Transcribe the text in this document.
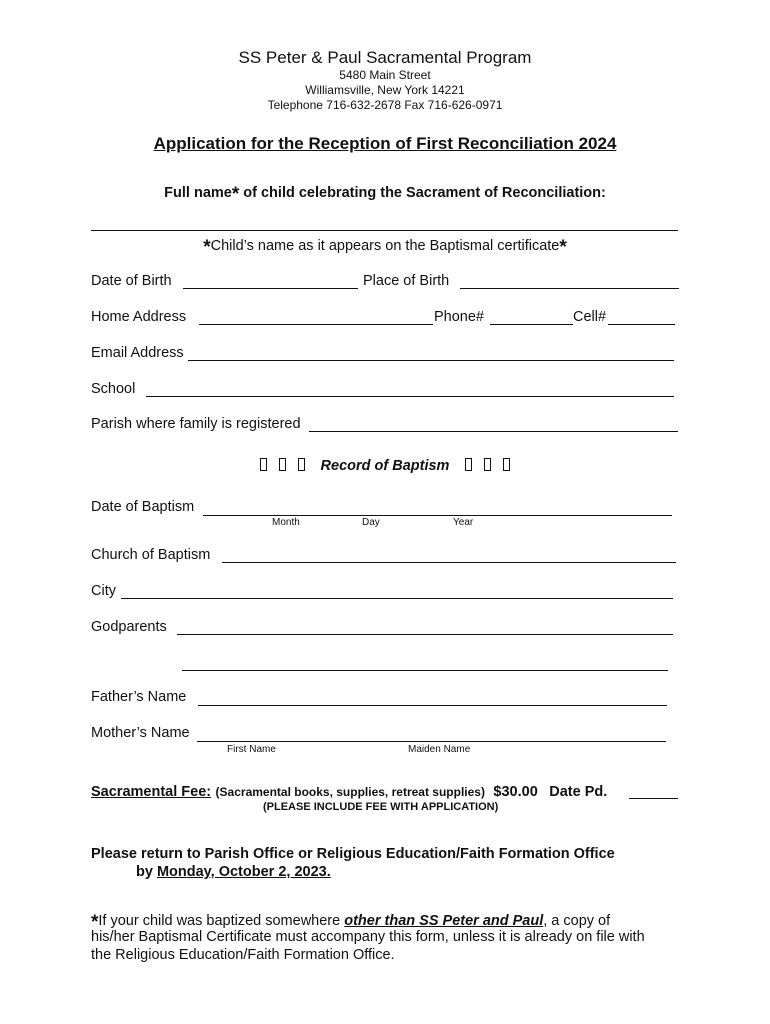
SS Peter & Paul Sacramental Program
5480 Main Street
Williamsville, New York 14221
Telephone 716-632-2678 Fax 716-626-0971
Application for the Reception of First Reconciliation 2024
Full name* of child celebrating the Sacrament of Reconciliation:
*Child’s name as it appears on the Baptismal certificate*
Date of Birth	Place of Birth
Home Address	Phone#	Cell#
Email Address
School
Parish where family is registered
Record of Baptism
Date of Baptism
Month	Day	Year
Church of Baptism
City
Godparents
Father’s Name
Mother’s Name
First Name	Maiden Name
Sacramental Fee: (Sacramental books, supplies, retreat supplies) $30.00 Date Pd.
(PLEASE INCLUDE FEE WITH APPLICATION)
Please return to Parish Office or Religious Education/Faith Formation Office
by Monday, October 2, 2023.
*If your child was baptized somewhere other than SS Peter and Paul, a copy of
his/her Baptismal Certificate must accompany this form, unless it is already on file with
the Religious Education/Faith Formation Office.
